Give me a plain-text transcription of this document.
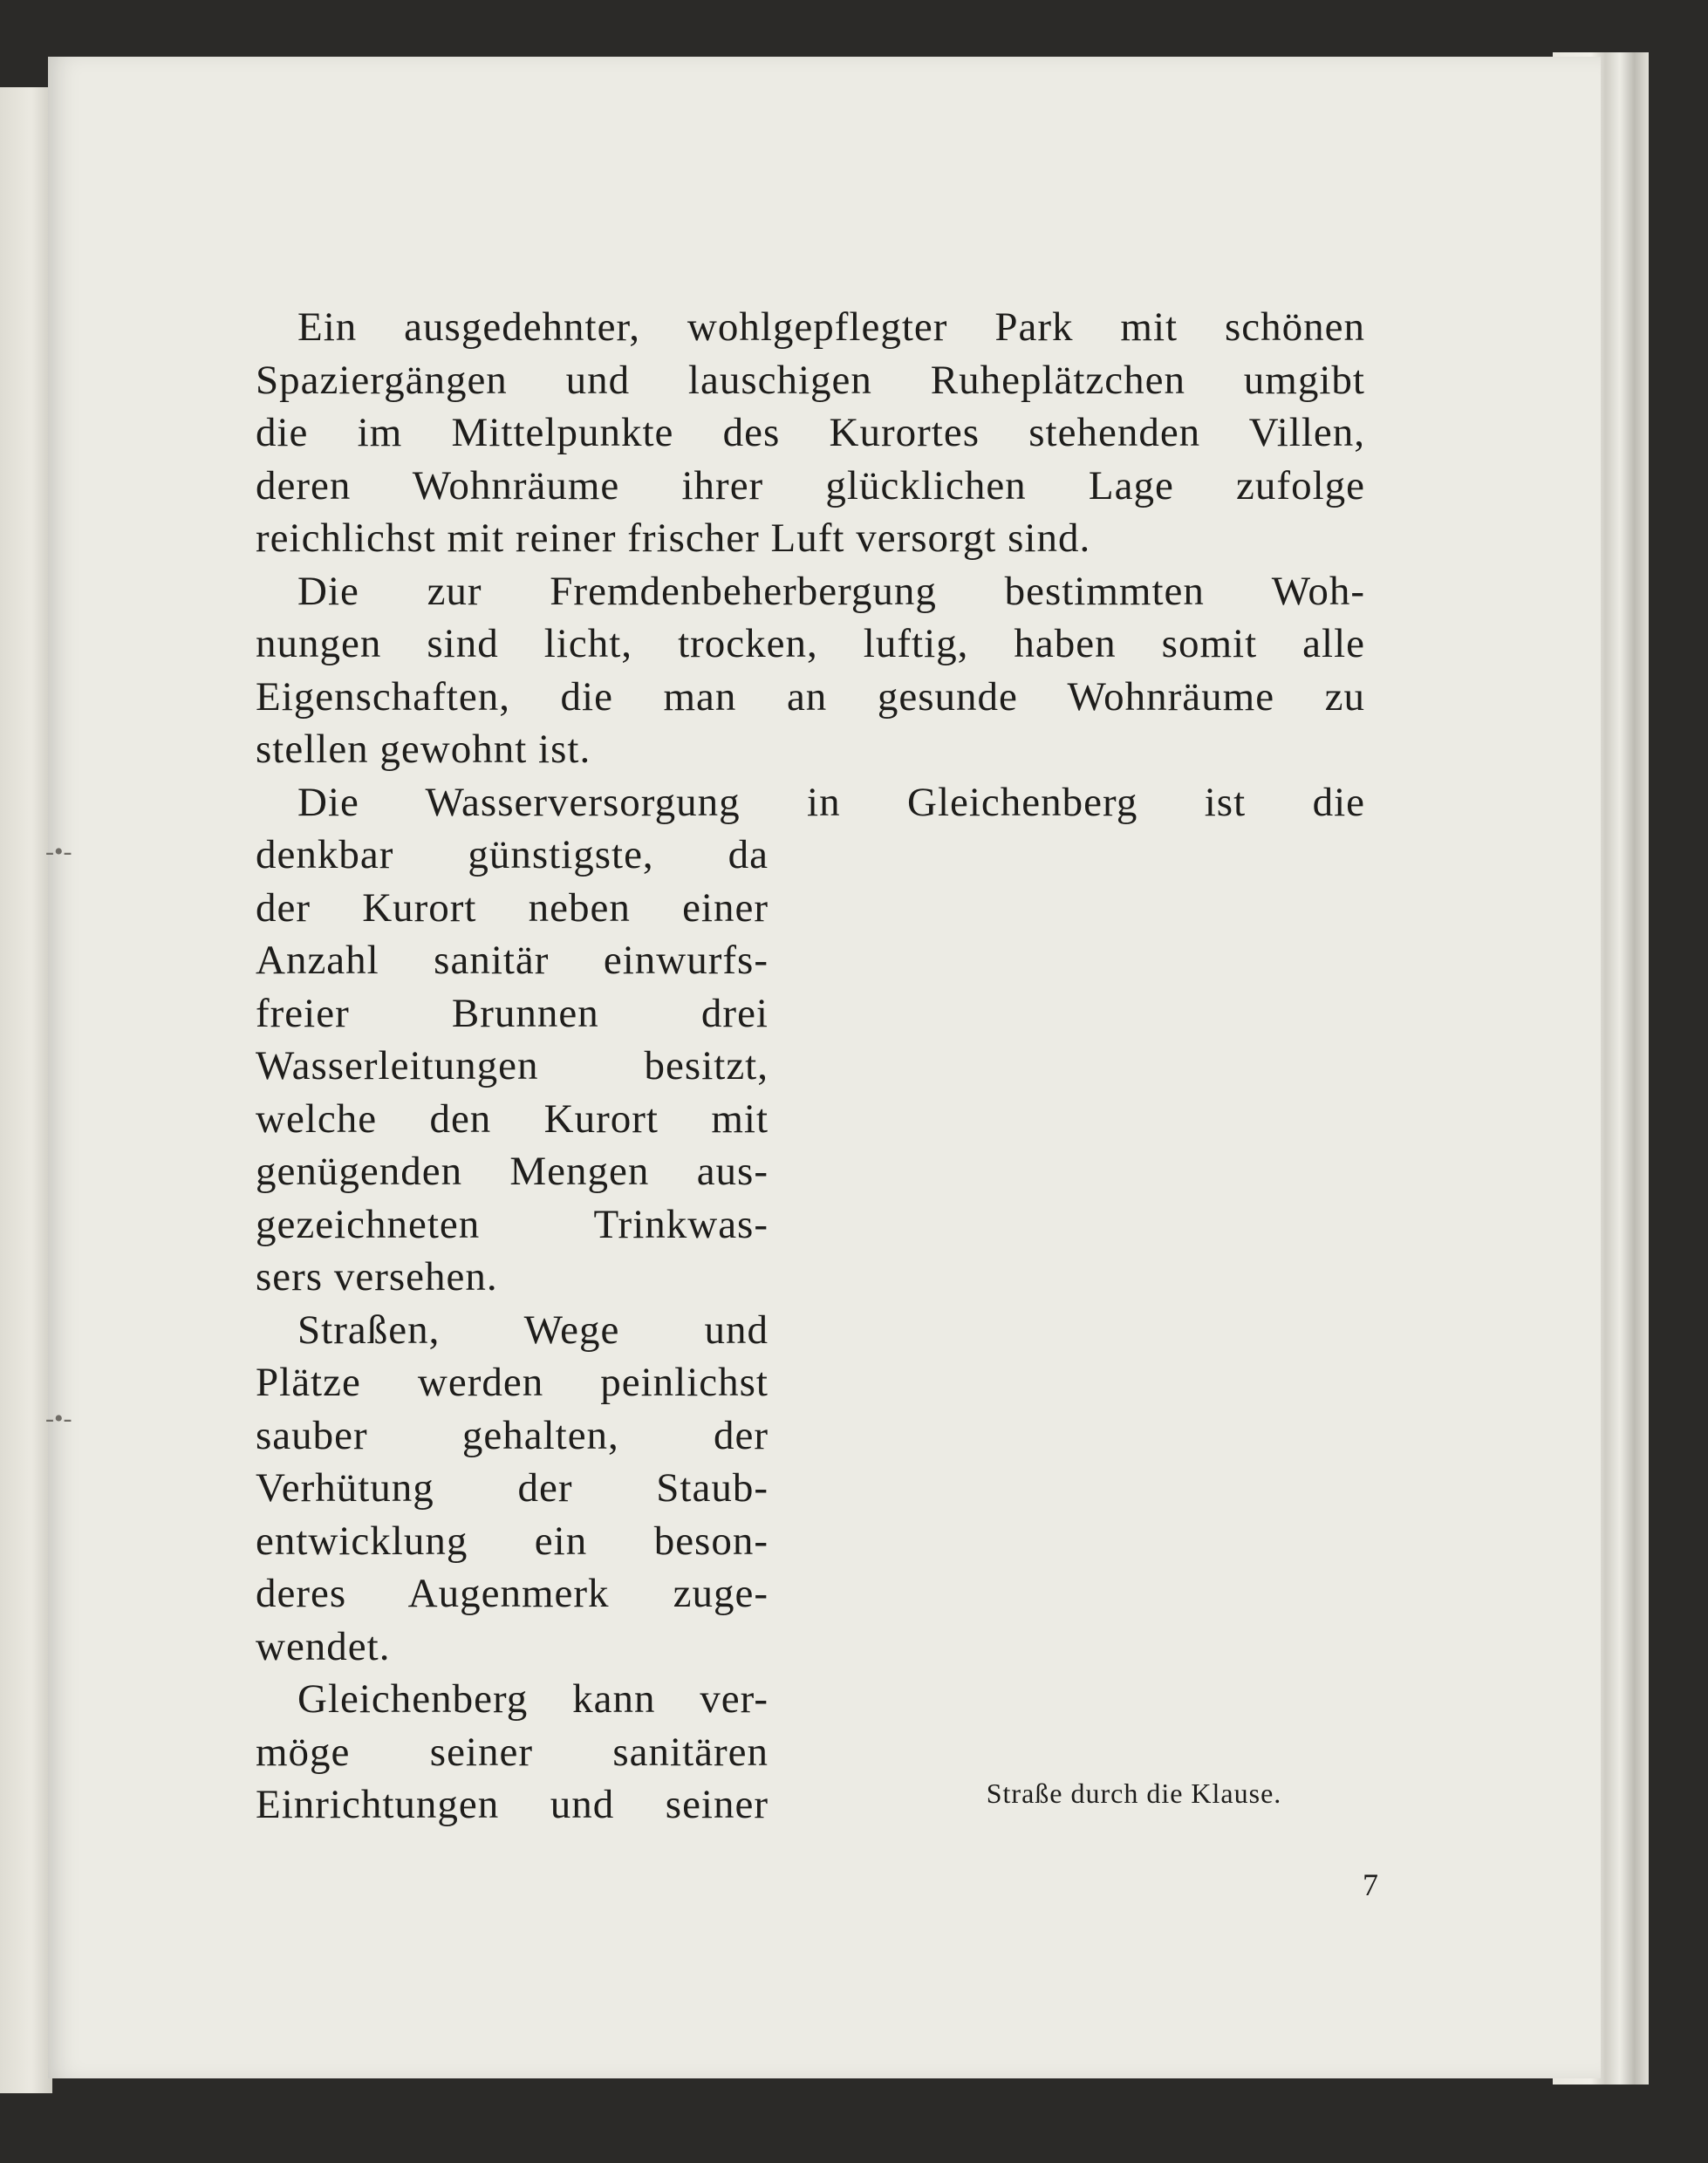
-•-
-•-
Ein ausgedehnter, wohlgepflegter Park mit schönen
Spaziergängen und lauschigen Ruheplätzchen umgibt
die im Mittelpunkte des Kurortes stehenden Villen,
deren Wohnräume ihrer glücklichen Lage zufolge
reichlichst mit reiner frischer Luft versorgt sind.
Die zur Fremdenbeherbergung bestimmten Woh-
nungen sind licht, trocken, luftig, haben somit alle
Eigenschaften, die man an gesunde Wohnräume zu
stellen gewohnt ist.
Die Wasserversorgung in Gleichenberg ist die
denkbar günstigste, da
der Kurort neben einer
Anzahl sanitär einwurfs-
freier Brunnen drei
Wasserleitungen besitzt,
welche den Kurort mit
genügenden Mengen aus-
gezeichneten Trinkwas-
sers versehen.
Straßen, Wege und
Plätze werden peinlichst
sauber gehalten, der
Verhütung der Staub-
entwicklung ein beson-
deres Augenmerk zuge-
wendet.
Gleichenberg kann ver-
möge seiner sanitären
Einrichtungen und seiner	Straße durch die Klause.
7
